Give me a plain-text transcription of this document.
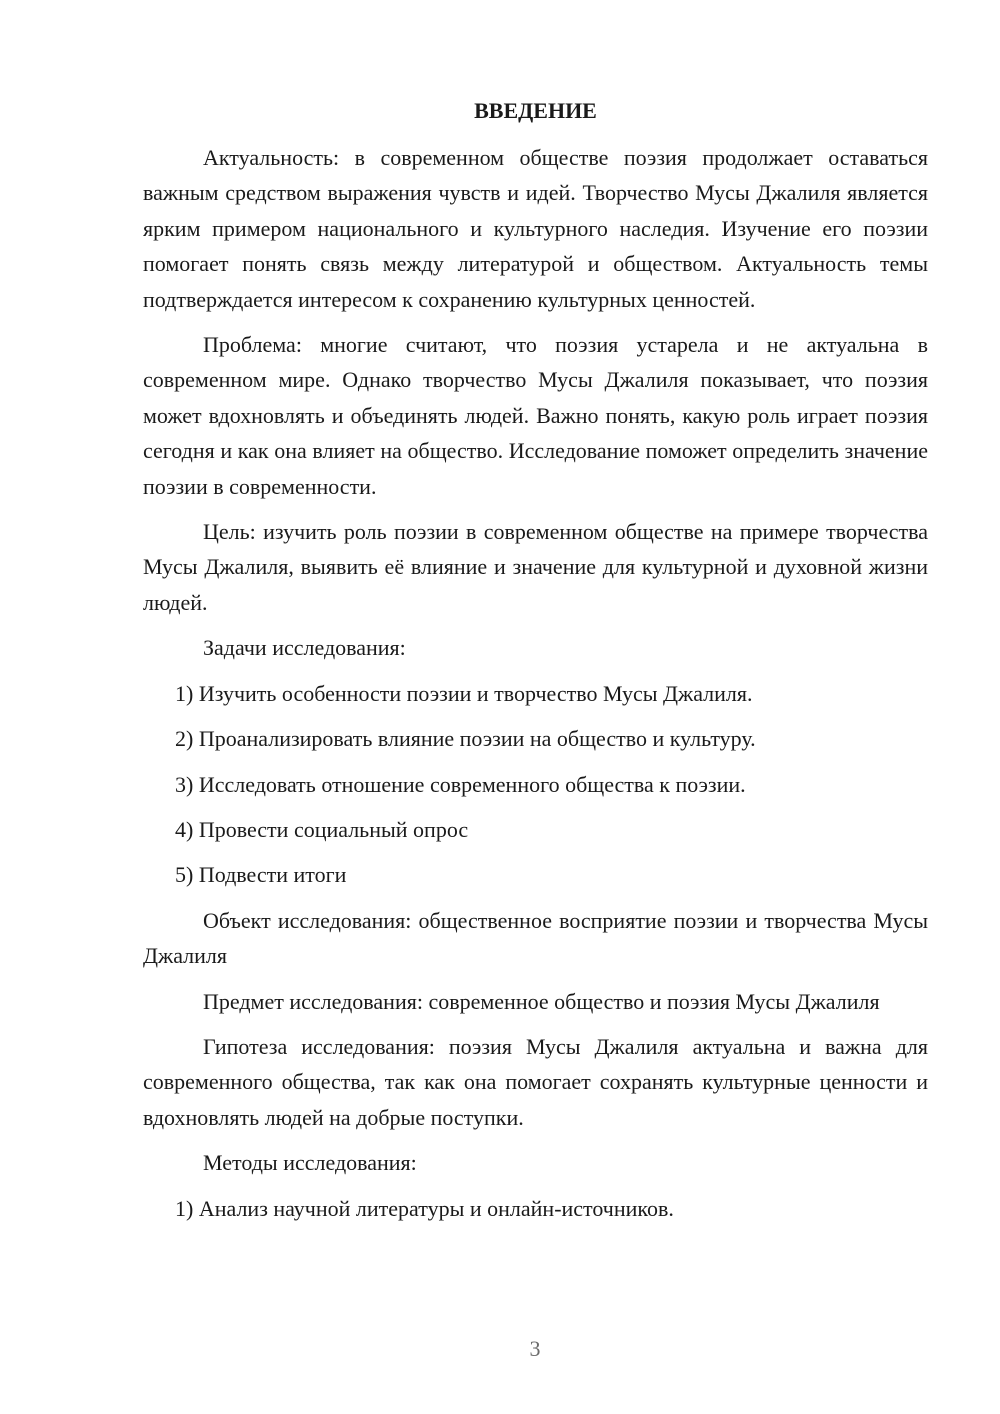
ВВЕДЕНИЕ

Актуальность: в современном обществе поэзия продолжает оставаться важным средством выражения чувств и идей. Творчество Мусы Джалиля является ярким примером национального и культурного наследия. Изучение его поэзии помогает понять связь между литературой и обществом. Актуальность темы подтверждается интересом к сохранению культурных ценностей.

Проблема: многие считают, что поэзия устарела и не актуальна в современном мире. Однако творчество Мусы Джалиля показывает, что поэзия может вдохновлять и объединять людей. Важно понять, какую роль играет поэзия сегодня и как она влияет на общество. Исследование поможет определить значение поэзии в современности.

Цель: изучить роль поэзии в современном обществе на примере творчества Мусы Джалиля, выявить её влияние и значение для культурной и духовной жизни людей.

Задачи исследования:

1) Изучить особенности поэзии и творчество Мусы Джалиля.

2) Проанализировать влияние поэзии на общество и культуру.

3) Исследовать отношение современного общества к поэзии.

4) Провести социальный опрос

5) Подвести итоги

Объект исследования: общественное восприятие поэзии и творчества Мусы Джалиля

Предмет исследования: современное общество и поэзия Мусы Джалиля

Гипотеза исследования: поэзия Мусы Джалиля актуальна и важна для современного общества, так как она помогает сохранять культурные ценности и вдохновлять людей на добрые поступки.

Методы исследования:

1) Анализ научной литературы и онлайн-источников.

3
